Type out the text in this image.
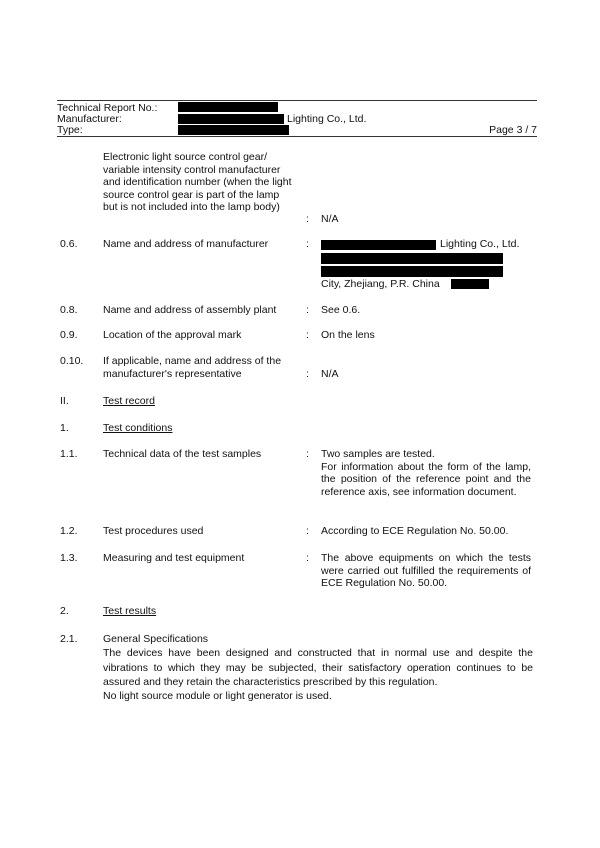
Technical Report No.:
Manufacturer:
Type:
Lighting Co., Ltd.
Page 3 / 7
Electronic light source control gear/ variable intensity control manufacturer and identification number (when the light source control gear is part of the lamp but is not included into the lamp body)
: N/A
0.6. Name and address of manufacturer	:	Lighting Co., Ltd.
City, Zhejiang, P.R. China
0.8. Name and address of assembly plant	: See 0.6.
0.9. Location of the approval mark	: On the lens
0.10. If applicable, name and address of the manufacturer's representative	: N/A
II.	Test record
1.	Test conditions
1.1. Technical data of the test samples	: Two samples are tested.
For information about the form of the lamp, the position of the reference point and the reference axis, see information document.
1.2. Test procedures used	: According to ECE Regulation No. 50.00.
1.3. Measuring and test equipment	: The above equipments on which the tests were carried out fulfilled the requirements of ECE Regulation No. 50.00.
2.	Test results
2.1. General Specifications
The devices have been designed and constructed that in normal use and despite the vibrations to which they may be subjected, their satisfactory operation continues to be assured and they retain the characteristics prescribed by this regulation.
No light source module or light generator is used.
